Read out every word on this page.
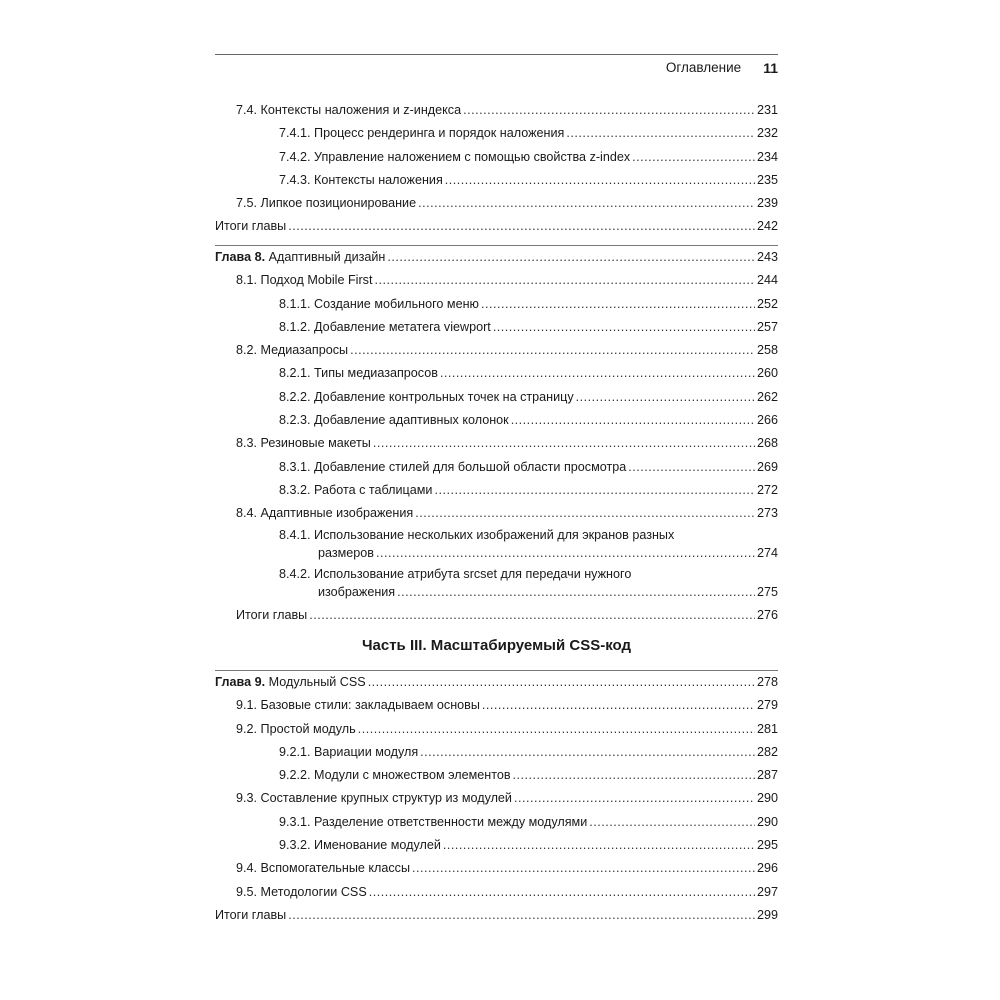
Оглавление 11
7.4. Контексты наложения и z-индекса .....	231
7.4.1. Процесс рендеринга и порядок наложения .....	232
7.4.2. Управление наложением с помощью свойства z-index .....	234
7.4.3. Контексты наложения .....	235
7.5. Липкое позиционирование .....	239
Итоги главы .....	242
Глава 8. Адаптивный дизайн .....	243
8.1. Подход Mobile First .....	244
8.1.1. Создание мобильного меню .....	252
8.1.2. Добавление метатега viewport .....	257
8.2. Медиазапросы .....	258
8.2.1. Типы медиазапросов .....	260
8.2.2. Добавление контрольных точек на страницу .....	262
8.2.3. Добавление адаптивных колонок .....	266
8.3. Резиновые макеты .....	268
8.3.1. Добавление стилей для большой области просмотра .....	269
8.3.2. Работа с таблицами .....	272
8.4. Адаптивные изображения .....	273
8.4.1. Использование нескольких изображений для экранов разных
размеров .....	274
8.4.2. Использование атрибута srcset для передачи нужного
изображения .....	275
Итоги главы .....	276
Часть III. Масштабируемый CSS-код
Глава 9. Модульный CSS .....	278
9.1. Базовые стили: закладываем основы .....	279
9.2. Простой модуль .....	281
9.2.1. Вариации модуля .....	282
9.2.2. Модули с множеством элементов .....	287
9.3. Составление крупных структур из модулей .....	290
9.3.1. Разделение ответственности между модулями .....	290
9.3.2. Именование модулей .....	295
9.4. Вспомогательные классы .....	296
9.5. Методологии CSS .....	297
Итоги главы .....	299
